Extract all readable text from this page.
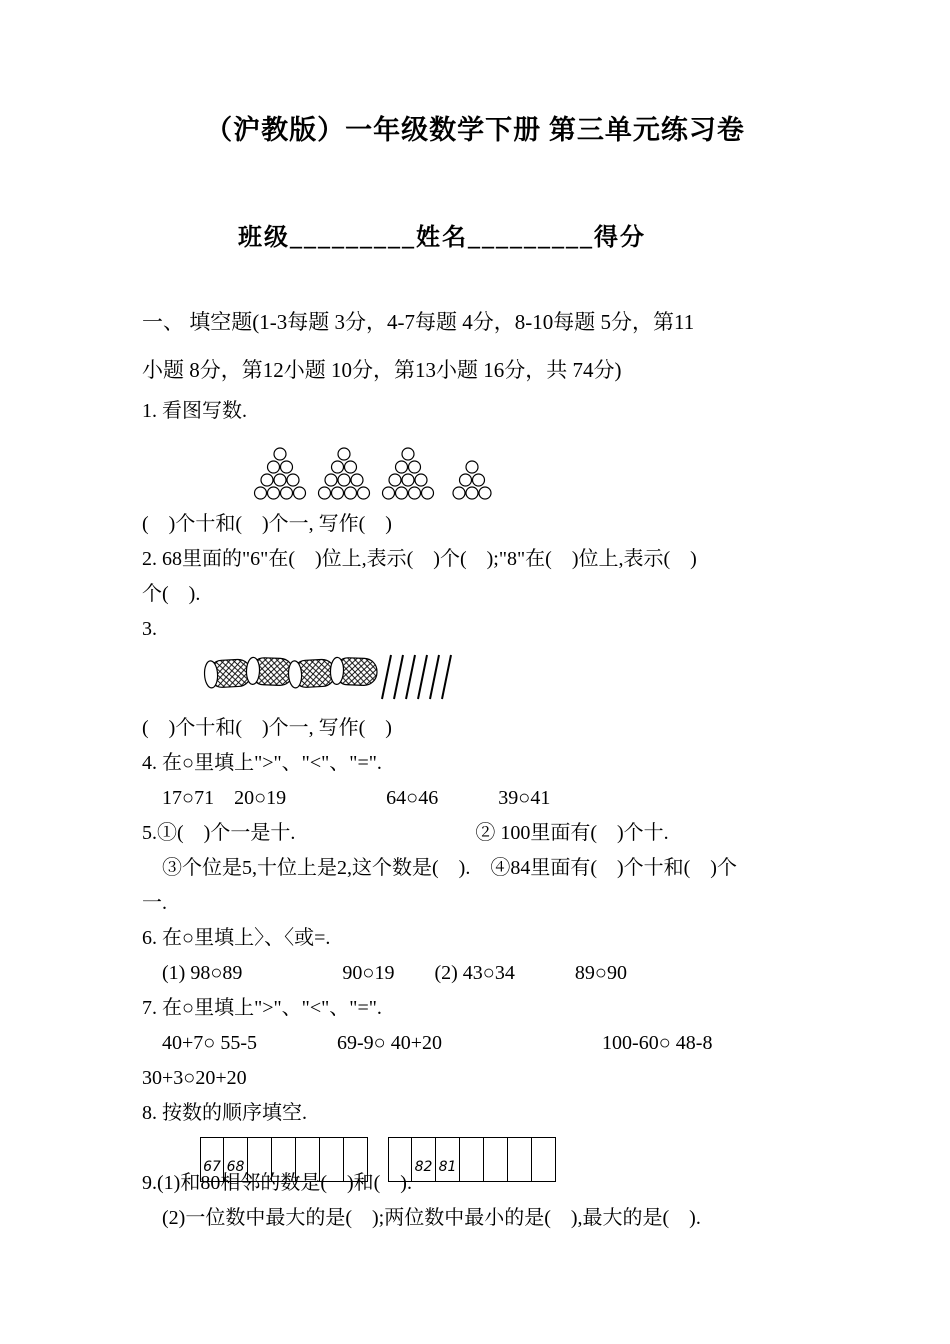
（沪教版）一年级数学下册 第三单元练习卷
班级_________姓名_________得分
一、 填空题(1-3每题 3分，4-7每题 4分，8-10每题 5分，第11
小题 8分，第12小题 10分，第13小题 16分，共 74分)
1. 看图写数.
(　)个十和(　)个一, 写作(　)
2. 68里面的"6"在(　)位上,表示(　)个(　);"8"在(　)位上,表示(　)
个(　).
3.
(　)个十和(　)个一, 写作(　)
4. 在○里填上">"、"<"、"=".
　17○71　20○19　　　　　64○46　　　39○41
5.①(　)个一是十.　　　　　　　　　② 100里面有(　)个十.
　③个位是5,十位上是2,这个数是(　).　④84里面有(　)个十和(　)个
一.
6. 在○里填上〉、〈或=.
　(1) 98○89　　　　　90○19　　(2) 43○34　　　89○90
7. 在○里填上">"、"<"、"=".
　40+7○ 55-5　　　　69-9○ 40+20　　　　　　　　100-60○ 48-8
30+3○20+20
8. 按数的顺序填空.
67 68	82 81
9.(1)和80相邻的数是(　)和(　).
　(2)一位数中最大的是(　);两位数中最小的是(　),最大的是(　).
